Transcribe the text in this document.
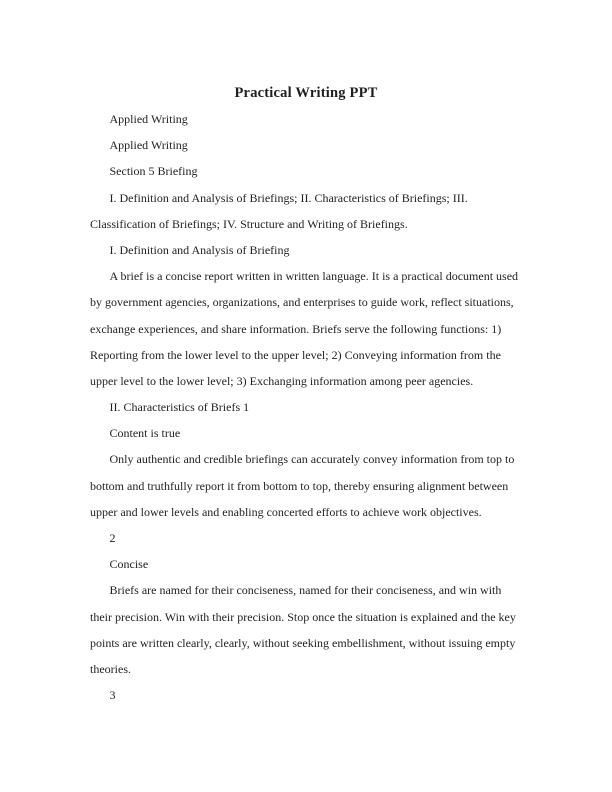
Practical Writing PPT
Applied Writing
Applied Writing
Section 5 Briefing
I. Definition and Analysis of Briefings; II. Characteristics of Briefings; III.
Classification of Briefings; IV. Structure and Writing of Briefings.
I. Definition and Analysis of Briefing
A brief is a concise report written in written language. It is a practical document used
by government agencies, organizations, and enterprises to guide work, reflect situations,
exchange experiences, and share information. Briefs serve the following functions: 1)
Reporting from the lower level to the upper level; 2) Conveying information from the
upper level to the lower level; 3) Exchanging information among peer agencies.
II. Characteristics of Briefs 1
Content is true
Only authentic and credible briefings can accurately convey information from top to
bottom and truthfully report it from bottom to top, thereby ensuring alignment between
upper and lower levels and enabling concerted efforts to achieve work objectives.
2
Concise
Briefs are named for their conciseness, named for their conciseness, and win with
their precision. Win with their precision. Stop once the situation is explained and the key
points are written clearly, clearly, without seeking embellishment, without issuing empty
theories.
3
